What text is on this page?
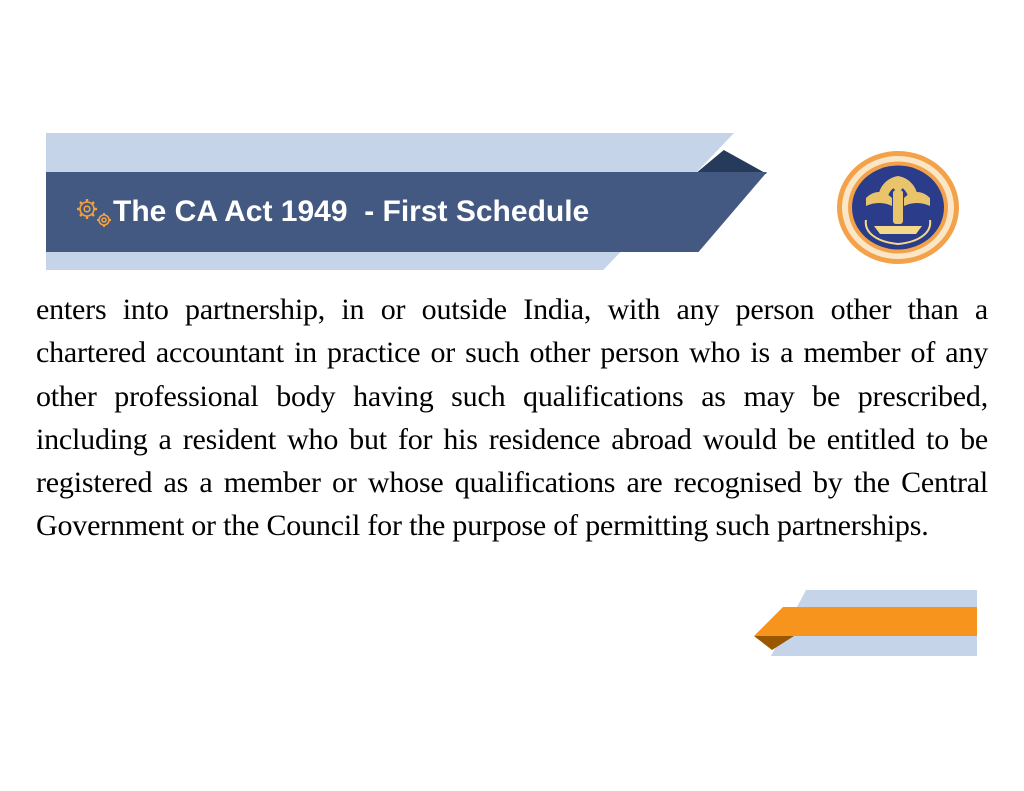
The CA Act 1949  - First Schedule

enters into partnership, in or outside India, with any person other than a chartered accountant in practice or such other person who is a member of any other professional body having such qualifications as may be prescribed, including a resident who but for his residence abroad would be entitled to be registered as a member or whose qualifications are recognised by the Central Government or the Council for the purpose of permitting such partnerships.
